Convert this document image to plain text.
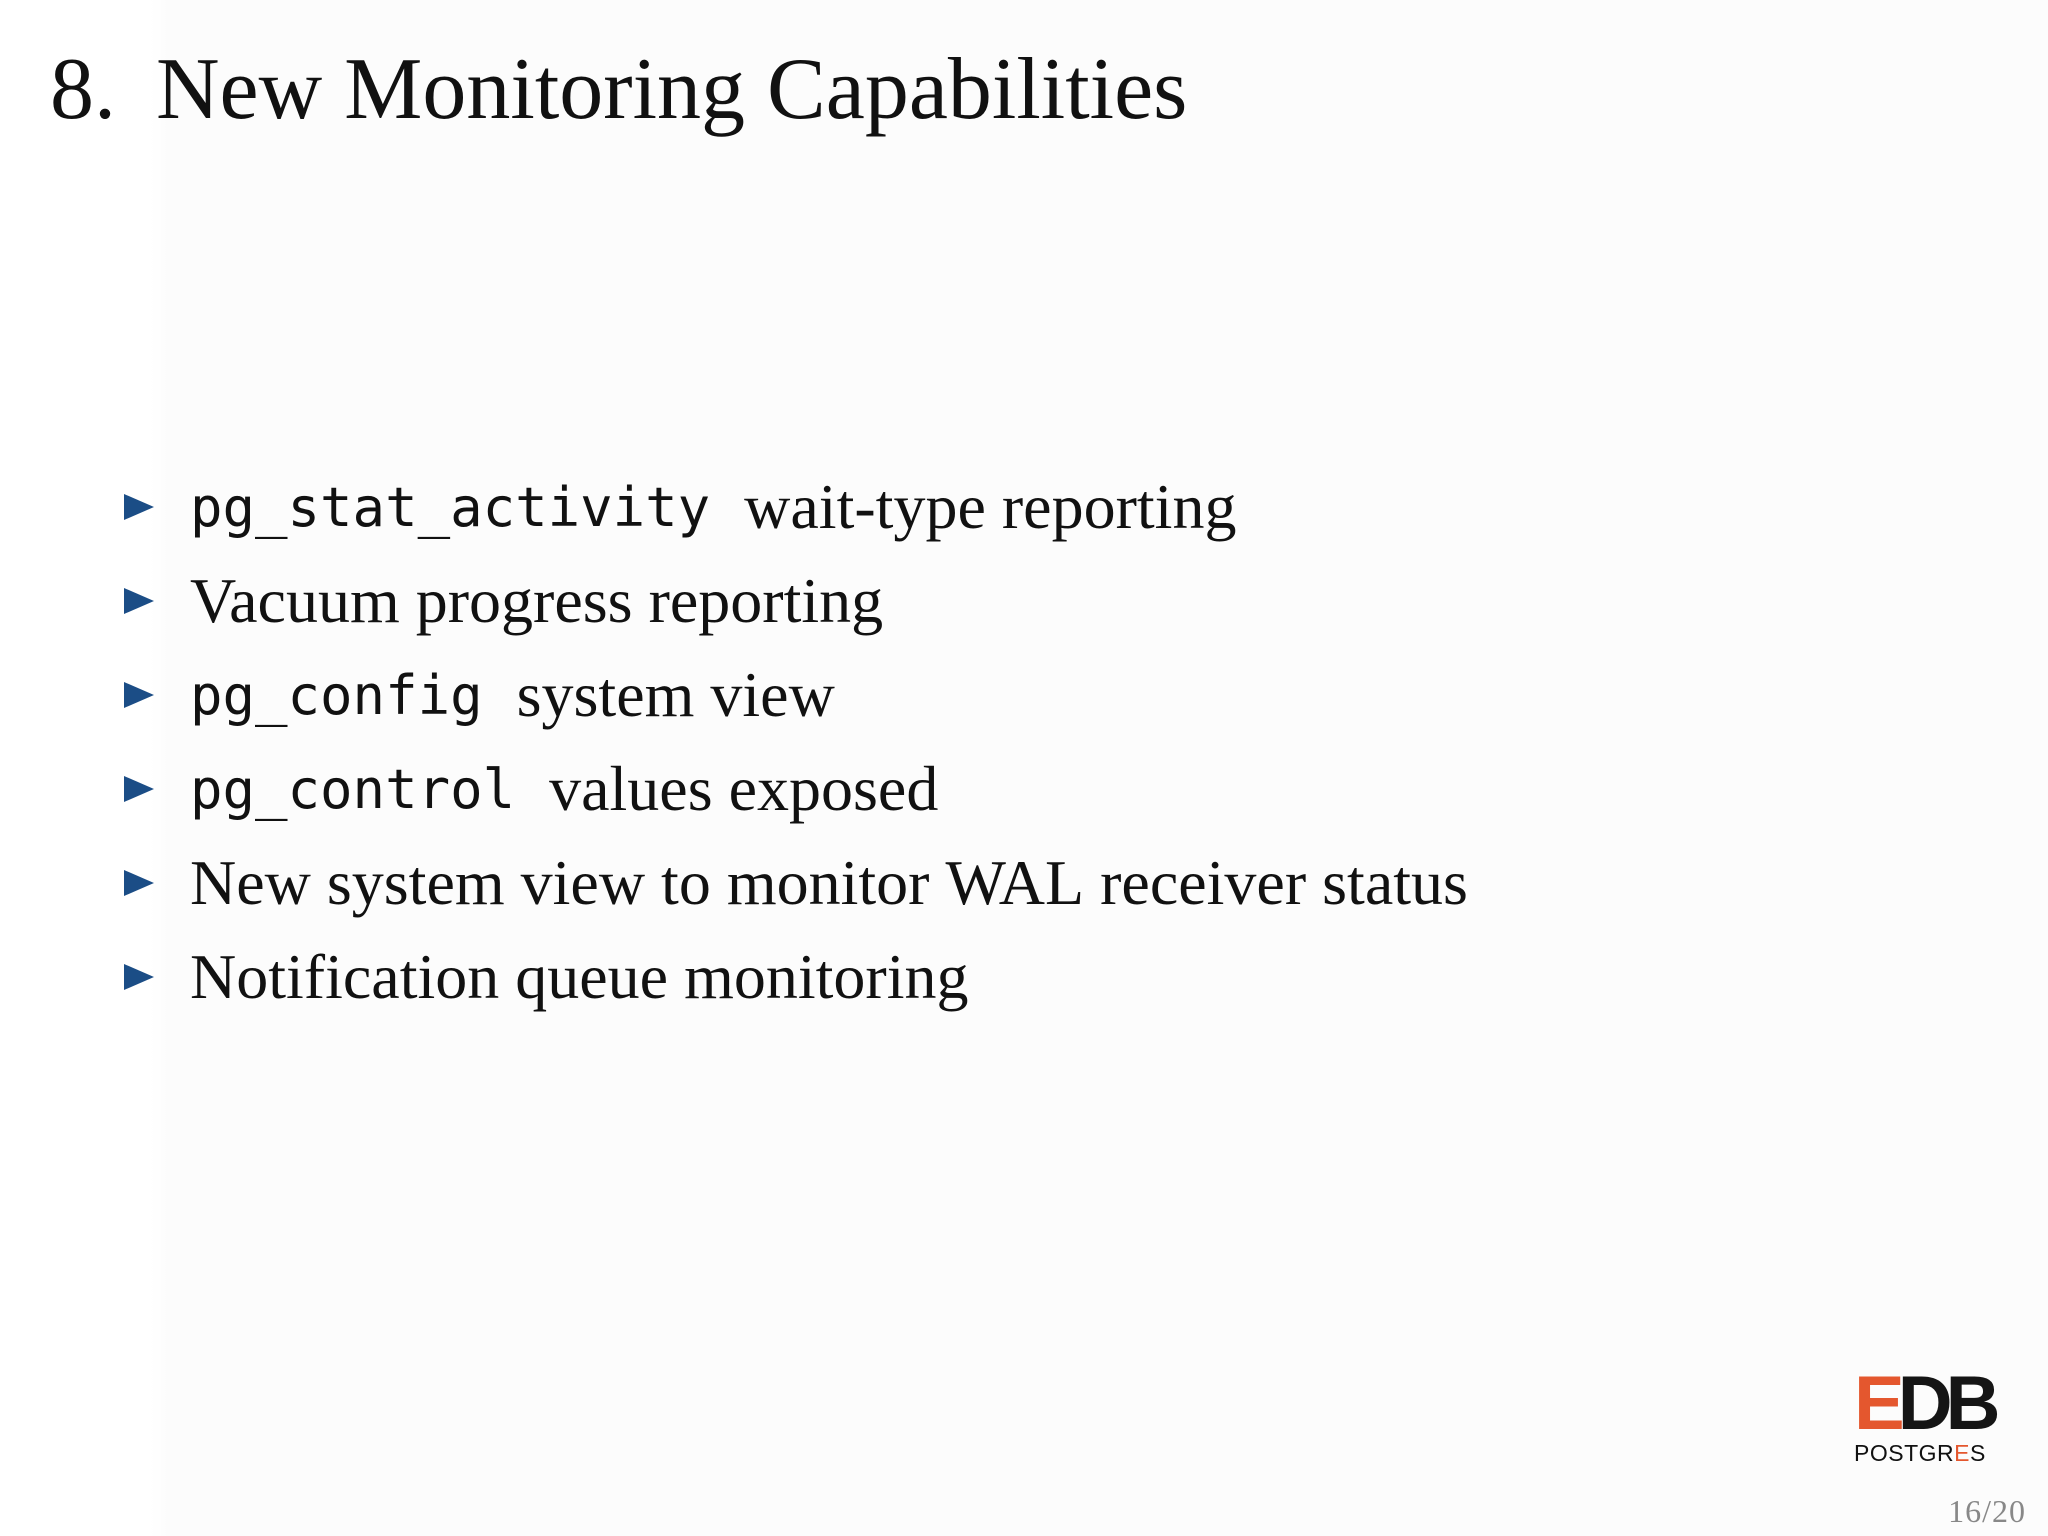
8. New Monitoring Capabilities
pg_stat_activity wait-type reporting
Vacuum progress reporting
pg_config system view
pg_control values exposed
New system view to monitor WAL receiver status
Notification queue monitoring
EDB
POSTGRES
16/20
